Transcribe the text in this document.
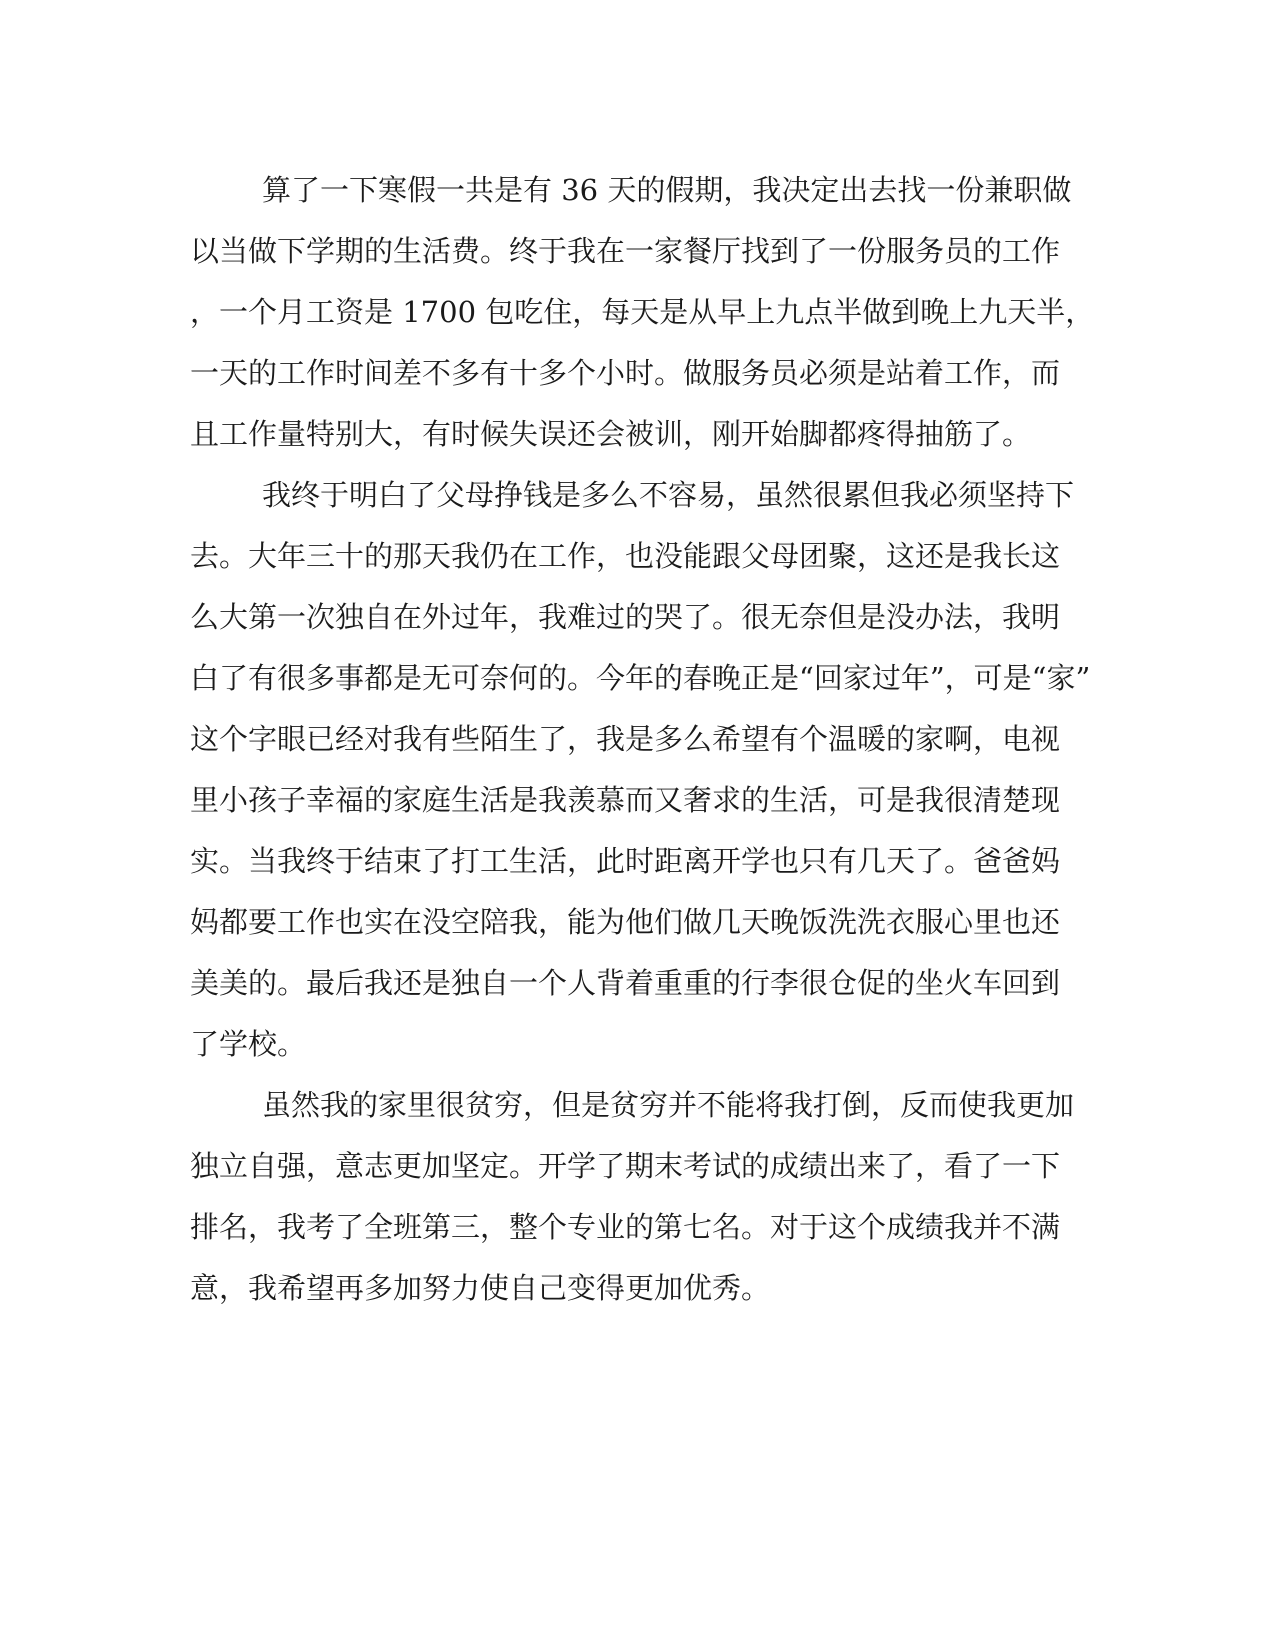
算了一下寒假一共是有 36 天的假期，我决定出去找一份兼职做
以当做下学期的生活费。终于我在一家餐厅找到了一份服务员的工作
，一个月工资是 1700 包吃住，每天是从早上九点半做到晚上九天半，
一天的工作时间差不多有十多个小时。做服务员必须是站着工作，而
且工作量特别大，有时候失误还会被训，刚开始脚都疼得抽筋了。
我终于明白了父母挣钱是多么不容易，虽然很累但我必须坚持下
去。大年三十的那天我仍在工作，也没能跟父母团聚，这还是我长这
么大第一次独自在外过年，我难过的哭了。很无奈但是没办法，我明
白了有很多事都是无可奈何的。今年的春晚正是“回家过年”，可是“家”
这个字眼已经对我有些陌生了，我是多么希望有个温暖的家啊，电视
里小孩子幸福的家庭生活是我羡慕而又奢求的生活，可是我很清楚现
实。当我终于结束了打工生活，此时距离开学也只有几天了。爸爸妈
妈都要工作也实在没空陪我，能为他们做几天晚饭洗洗衣服心里也还
美美的。最后我还是独自一个人背着重重的行李很仓促的坐火车回到
了学校。
虽然我的家里很贫穷，但是贫穷并不能将我打倒，反而使我更加
独立自强，意志更加坚定。开学了期末考试的成绩出来了，看了一下
排名，我考了全班第三，整个专业的第七名。对于这个成绩我并不满
意，我希望再多加努力使自己变得更加优秀。
